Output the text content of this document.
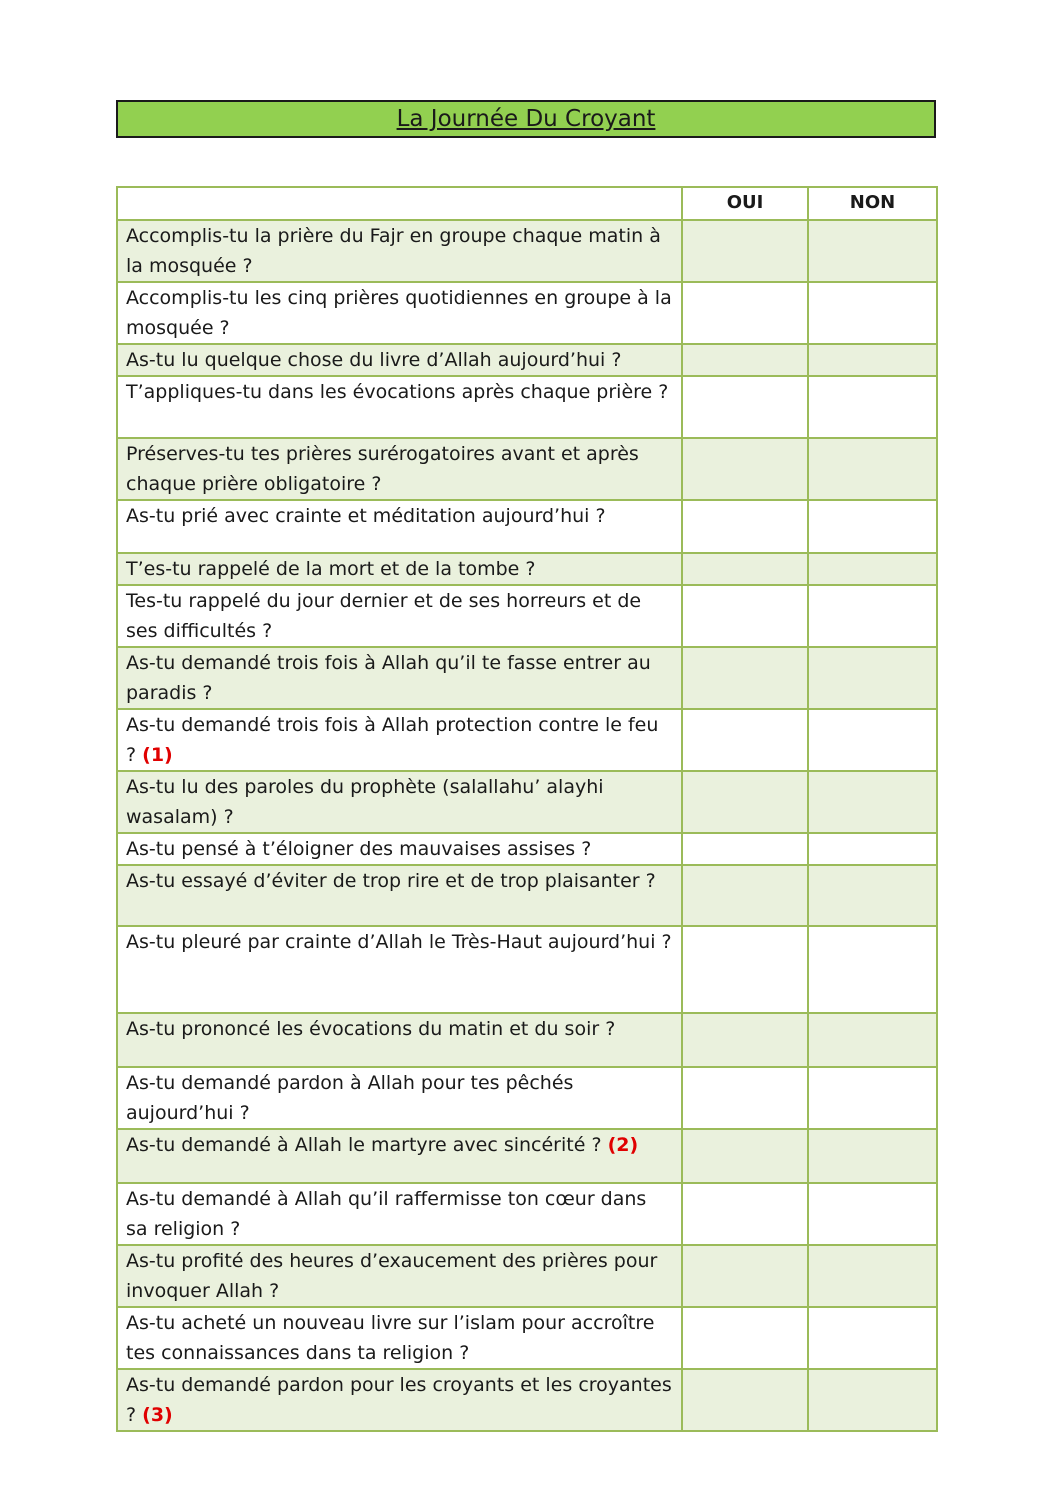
La Journée Du Croyant
	OUI	NON
Accomplis-tu la prière du Fajr en groupe chaque matin à la mosquée ?		
Accomplis-tu les cinq prières quotidiennes en groupe à la mosquée ?		
As-tu lu quelque chose du livre d’Allah aujourd’hui ?		
T’appliques-tu dans les évocations après chaque prière ?		
Préserves-tu tes prières surérogatoires avant et après chaque prière obligatoire ?		
As-tu prié avec crainte et méditation aujourd’hui ?		
T’es-tu rappelé de la mort et de la tombe ?		
Tes-tu rappelé du jour dernier et de ses horreurs et de ses difficultés ?		
As-tu demandé trois fois à Allah qu’il te fasse entrer au paradis ?		
As-tu demandé trois fois à Allah protection contre le feu ? (1)		
As-tu lu des paroles du prophète (salallahu’ alayhi wasalam) ?		
As-tu pensé à t’éloigner des mauvaises assises ?		
As-tu essayé d’éviter de trop rire et de trop plaisanter ?		
As-tu pleuré par crainte d’Allah le Très-Haut aujourd’hui ?		
As-tu prononcé les évocations du matin et du soir ?		
As-tu demandé pardon à Allah pour tes pêchés aujourd’hui ?		
As-tu demandé à Allah le martyre avec sincérité ? (2)		
As-tu demandé à Allah qu’il raffermisse ton cœur dans sa religion ?		
As-tu profité des heures d’exaucement des prières pour invoquer Allah ?		
As-tu acheté un nouveau livre sur l’islam pour accroître tes connaissances dans ta religion ?		
As-tu demandé pardon pour les croyants et les croyantes ? (3)		
